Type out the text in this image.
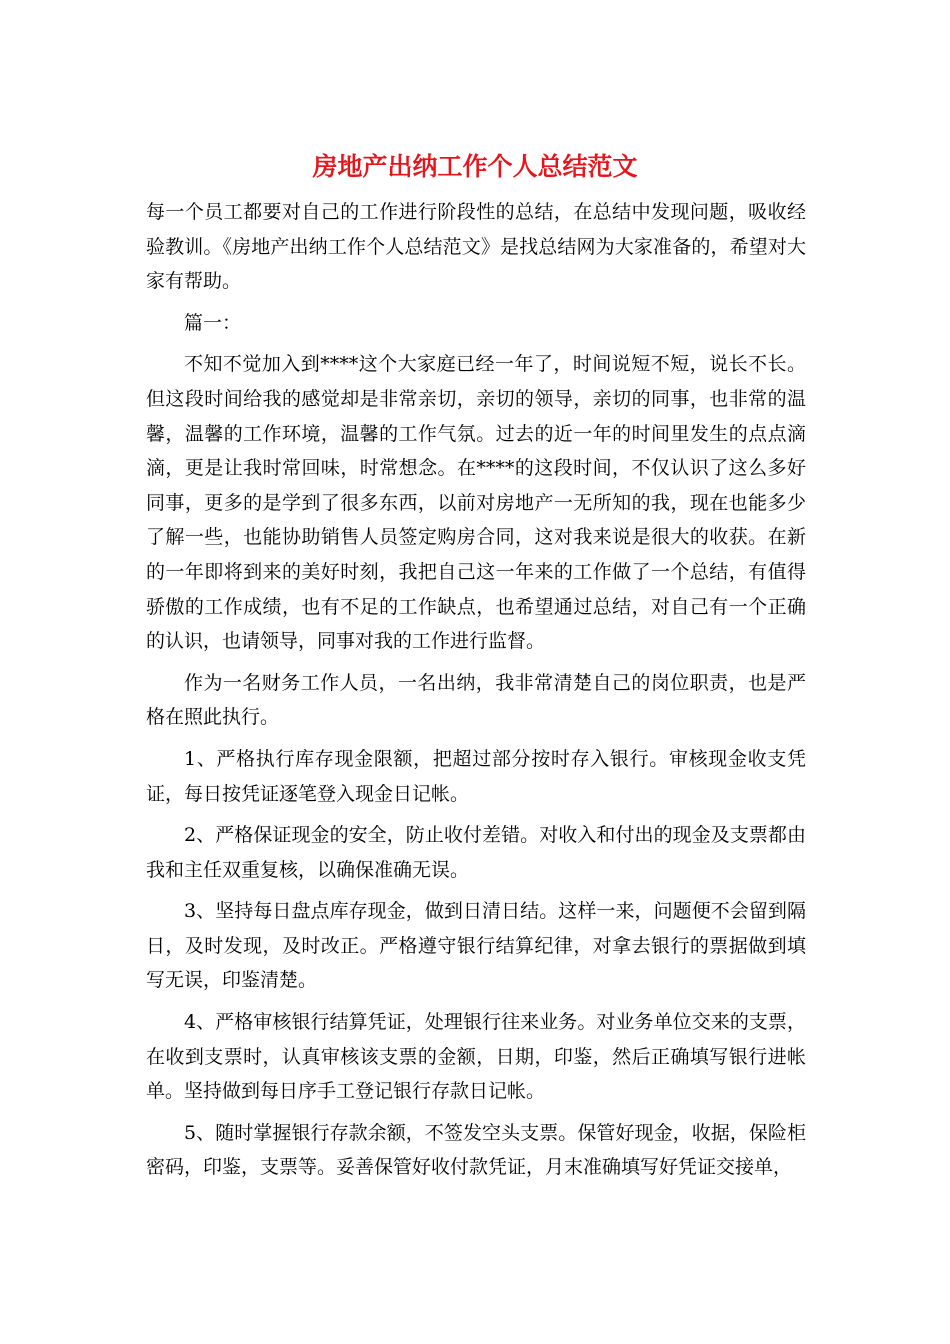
房地产出纳工作个人总结范文

每一个员工都要对自己的工作进行阶段性的总结，在总结中发现问题，吸收经验教训。《房地产出纳工作个人总结范文》是找总结网为大家准备的，希望对大家有帮助。

篇一：

不知不觉加入到****这个大家庭已经一年了，时间说短不短，说长不长。但这段时间给我的感觉却是非常亲切，亲切的领导，亲切的同事，也非常的温馨，温馨的工作环境，温馨的工作气氛。过去的近一年的时间里发生的点点滴滴，更是让我时常回味，时常想念。在****的这段时间，不仅认识了这么多好同事，更多的是学到了很多东西，以前对房地产一无所知的我，现在也能多少了解一些，也能协助销售人员签定购房合同，这对我来说是很大的收获。在新的一年即将到来的美好时刻，我把自己这一年来的工作做了一个总结，有值得骄傲的工作成绩，也有不足的工作缺点，也希望通过总结，对自己有一个正确的认识，也请领导，同事对我的工作进行监督。

作为一名财务工作人员，一名出纳，我非常清楚自己的岗位职责，也是严格在照此执行。

1、严格执行库存现金限额，把超过部分按时存入银行。审核现金收支凭证，每日按凭证逐笔登入现金日记帐。

2、严格保证现金的安全，防止收付差错。对收入和付出的现金及支票都由我和主任双重复核，以确保准确无误。

3、坚持每日盘点库存现金，做到日清日结。这样一来，问题便不会留到隔日，及时发现，及时改正。严格遵守银行结算纪律，对拿去银行的票据做到填写无误，印鉴清楚。

4、严格审核银行结算凭证，处理银行往来业务。对业务单位交来的支票，在收到支票时，认真审核该支票的金额，日期，印鉴，然后正确填写银行进帐单。坚持做到每日序手工登记银行存款日记帐。

5、随时掌握银行存款余额，不签发空头支票。保管好现金，收据，保险柜密码，印鉴，支票等。妥善保管好收付款凭证，月末准确填写好凭证交接单，
